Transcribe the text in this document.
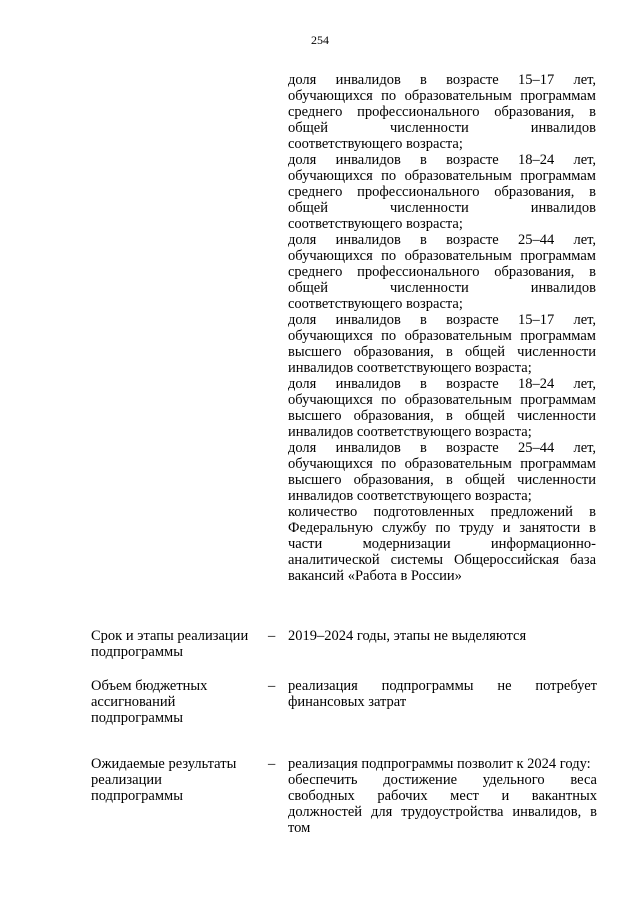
254
доля инвалидов в возрасте 15–17 лет, обучающихся по образовательным программам среднего профессионального образования, в общей численности инвалидов соответствующего возраста;
доля инвалидов в возрасте 18–24 лет, обучающихся по образовательным программам среднего профессионального образования, в общей численности инвалидов соответствующего возраста;
доля инвалидов в возрасте 25–44 лет, обучающихся по образовательным программам среднего профессионального образования, в общей численности инвалидов соответствующего возраста;
доля инвалидов в возрасте 15–17 лет, обучающихся по образовательным программам высшего образования, в общей численности инвалидов соответствующего возраста;
доля инвалидов в возрасте 18–24 лет, обучающихся по образовательным программам высшего образования, в общей численности инвалидов соответствующего возраста;
доля инвалидов в возрасте 25–44 лет, обучающихся по образовательным программам высшего образования, в общей численности инвалидов соответствующего возраста;
количество подготовленных предложений в Федеральную службу по труду и занятости в части модернизации информационно-аналитической системы Общероссийская база вакансий «Работа в России»
Срок и этапы реализации подпрограммы
– 2019–2024 годы, этапы не выделяются
Объем бюджетных ассигнований подпрограммы
– реализация подпрограммы не потребует финансовых затрат
Ожидаемые результаты реализации подпрограммы
– реализация подпрограммы позволит к 2024 году:
обеспечить достижение удельного веса свободных рабочих мест и вакантных должностей для трудоустройства инвалидов, в том
